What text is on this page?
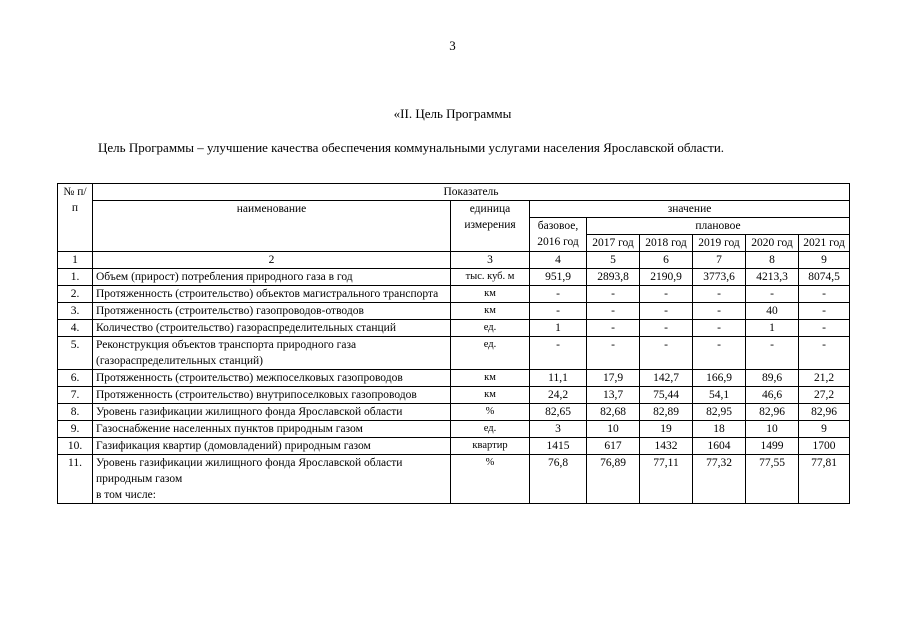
3
«II. Цель Программы
Цель Программы – улучшение качества обеспечения коммунальными услугами населения Ярославской области.
№ п/п	Показатель							
	наименование	единица измерения	значение					
			базовое, 2016 год	плановое				
				2017 год	2018 год	2019 год	2020 год	2021 год
1	2	3	4	5	6	7	8	9
1.	Объем (прирост) потребления природного газа в год	тыс. куб. м	951,9	2893,8	2190,9	3773,6	4213,3	8074,5
2.	Протяженность (строительство) объектов магистрального транспорта	км	-	-	-	-	-	-
3.	Протяженность (строительство) газопроводов-отводов	км	-	-	-	-	40	-
4.	Количество (строительство) газораспределительных станций	ед.	1	-	-	-	1	-
5.	Реконструкция объектов транспорта природного газа (газораспределительных станций)	ед.	-	-	-	-	-	-
6.	Протяженность (строительство) межпоселковых газопроводов	км	11,1	17,9	142,7	166,9	89,6	21,2
7.	Протяженность (строительство) внутрипоселковых газопроводов	км	24,2	13,7	75,44	54,1	46,6	27,2
8.	Уровень газификации жилищного фонда Ярославской области	%	82,65	82,68	82,89	82,95	82,96	82,96
9.	Газоснабжение населенных пунктов природным газом	ед.	3	10	19	18	10	9
10.	Газификация квартир (домовладений) природным газом	квартир	1415	617	1432	1604	1499	1700
11.	Уровень газификации жилищного фонда Ярославской области природным газом
в том числе:	%	76,8	76,89	77,11	77,32	77,55	77,81
